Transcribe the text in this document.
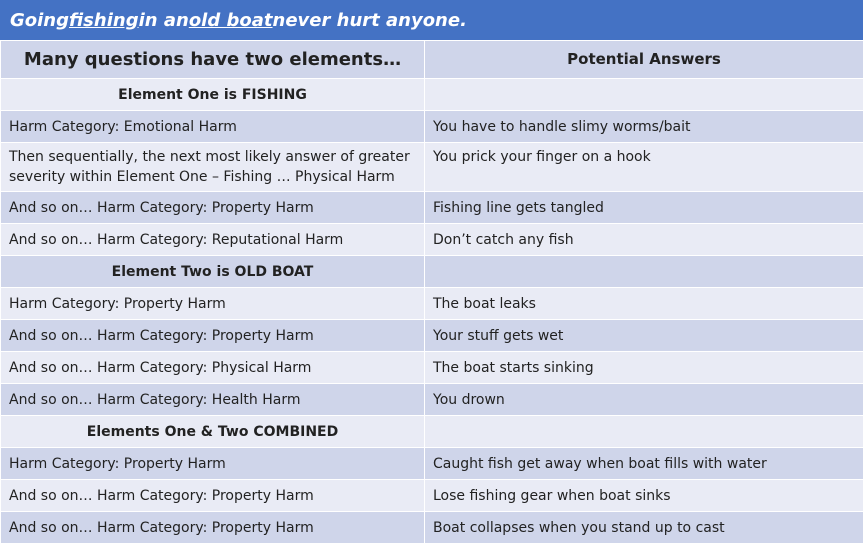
Going fishing in an old boat never hurt anyone.
Many questions have two elements…	Potential Answers
Element One is FISHING	
Harm Category: Emotional Harm	You have to handle slimy worms/bait
Then sequentially, the next most likely answer of greater severity within Element One – Fishing … Physical Harm	You prick your finger on a hook
And so on… Harm Category: Property Harm	Fishing line gets tangled
And so on… Harm Category: Reputational Harm	Don’t catch any fish
Element Two is OLD BOAT	
Harm Category: Property Harm	The boat leaks
And so on… Harm Category: Property Harm	Your stuff gets wet
And so on… Harm Category: Physical Harm	The boat starts sinking
And so on… Harm Category: Health Harm	You drown
Elements One & Two COMBINED	
Harm Category: Property Harm	Caught fish get away when boat fills with water
And so on… Harm Category: Property Harm	Lose fishing gear when boat sinks
And so on… Harm Category: Property Harm	Boat collapses when you stand up to cast
